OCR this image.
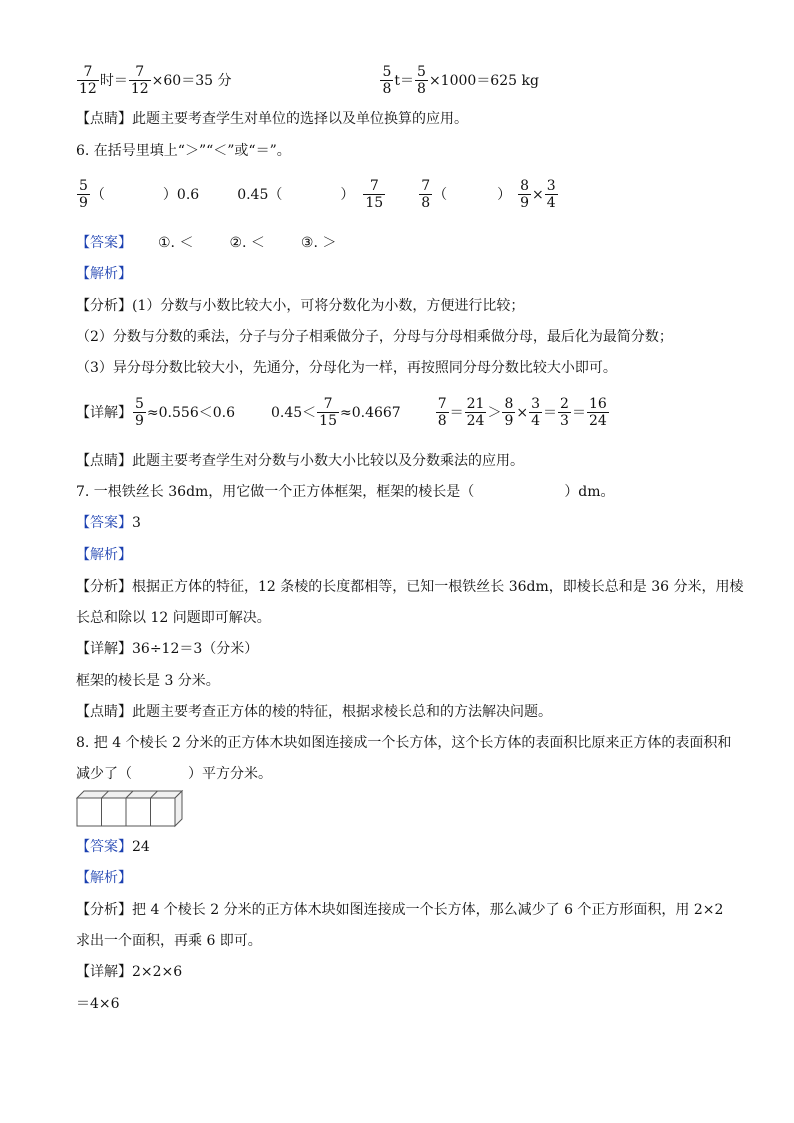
$\frac{7}{12}$ 时＝ $\frac{7}{12} \times 60=35$ 分	$\frac{5}{8} t= \frac{5}{8} \times 1000=625$ kg
【点睛】此题主要考查学生对单位的选择以及单位换算的应用。
6. 在括号里填上“＞”“＜”或“＝”。
$\frac{5}{9}$ （	） 0.6	0.45（	） $\frac{7}{15} \frac{7}{8}$ （	） $\frac{8}{9} \times \frac{3}{4}$
【答案】 ①. ＜	②. ＜	③. ＞
【解析】
【分析】(1）分数与小数比较大小，可将分数化为小数，方便进行比较；
（2）分数与分数的乘法，分子与分子相乘做分子，分母与分母相乘做分母，最后化为最简分数；
（3）异分母分数比较大小，先通分，分母化为一样，再按照同分母分数比较大小即可。
【详解】 $\frac{5}{9} \approx 0.556<0.6$	$0.45< \frac{7}{15} \approx 0.4667$	$\frac{7}{8} = \frac{21}{24} > \frac{8}{9} \times \frac{3}{4} = \frac{2}{3} = \frac{16}{24}$
【点睛】此题主要考查学生对分数与小数大小比较以及分数乘法的应用。
7. 一根铁丝长 36dm，用它做一个正方体框架，框架的棱长是（	）dm。
【答案】3
【解析】
【分析】根据正方体的特征，12 条棱的长度都相等，已知一根铁丝长 36dm，即棱长总和是 36 分米，用棱
长总和除以 12 问题即可解决。
【详解】36÷12＝3（分米）
框架的棱长是 3 分米。
【点睛】此题主要考查正方体的棱的特征，根据求棱长总和的方法解决问题。
8. 把 4 个棱长 2 分米的正方体木块如图连接成一个长方体，这个长方体的表面积比原来正方体的表面积和
减少了（	）平方分米。
【答案】24
【解析】
【分析】把 4 个棱长 2 分米的正方体木块如图连接成一个长方体，那么减少了 6 个正方形面积，用 2×2
求出一个面积，再乘 6 即可。
【详解】2×2×6
＝4×6
